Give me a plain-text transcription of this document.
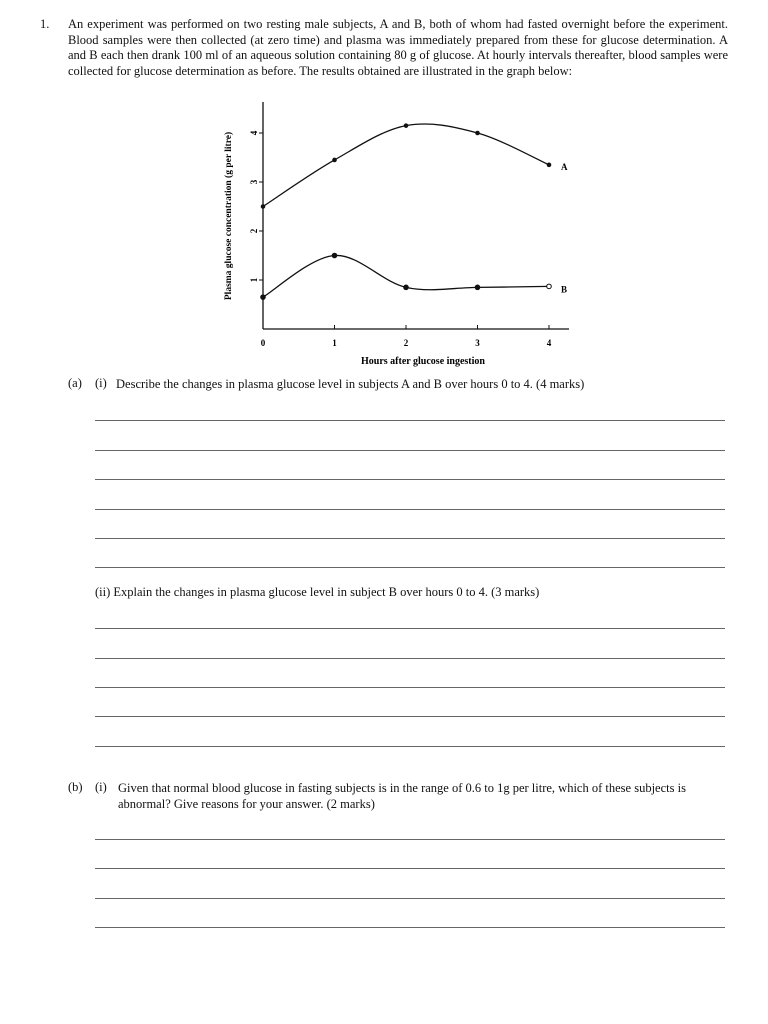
1. An experiment was performed on two resting male subjects, A and B, both of whom had fasted overnight before the experiment. Blood samples were then collected (at zero time) and plasma was immediately prepared from these for glucose determination. A and B each then drank 100 ml of an aqueous solution containing 80 g of glucose. At hourly intervals thereafter, blood samples were collected for glucose determination as before. The results obtained are illustrated in the graph below:

1
2
3
4
0	1	2	3	4
A
B
Hours after glucose ingestion
Plasma glucose concentration (g per litre)
(a) (i) Describe the changes in plasma glucose level in subjects A and B over hours 0 to 4. (4 marks)

(ii) Explain the changes in plasma glucose level in subject B over hours 0 to 4. (3 marks)

(b) (i) Given that normal blood glucose in fasting subjects is in the range of 0.6 to 1g per litre, which of these subjects is abnormal? Give reasons for your answer. (2 marks)
